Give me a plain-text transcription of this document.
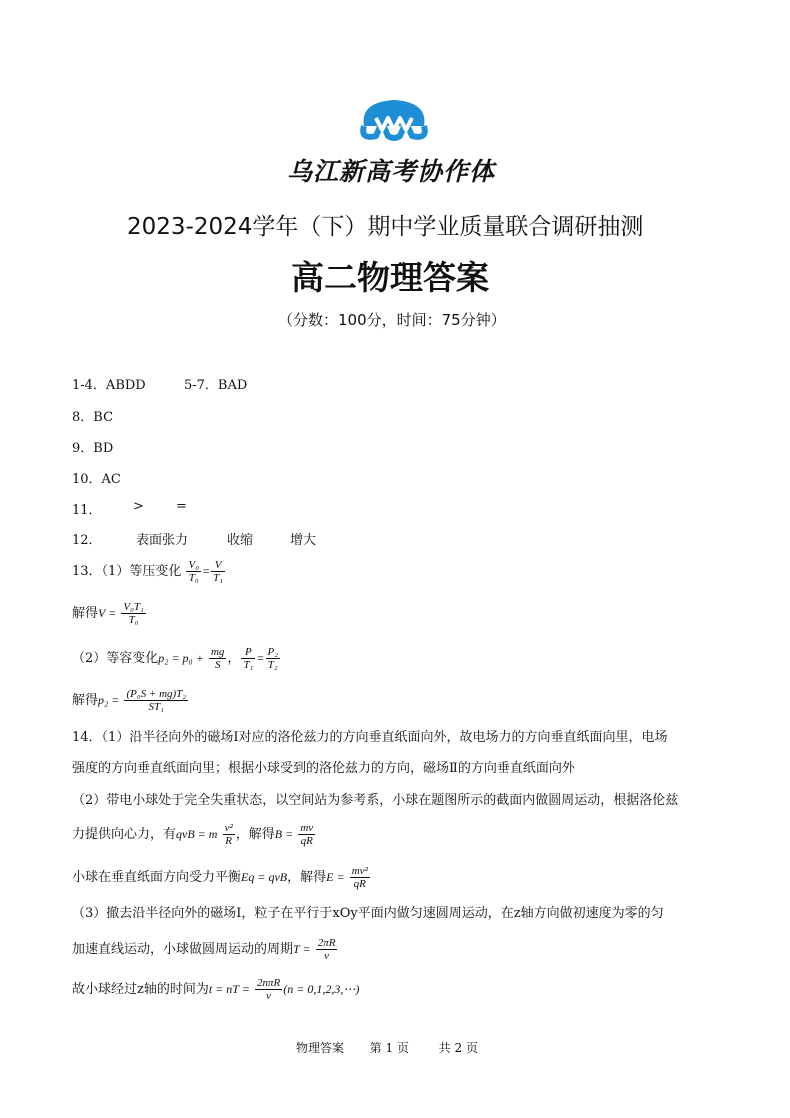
乌江新高考协作体
2023-2024学年（下）期中学业质量联合调研抽测
高二物理答案
（分数：100分，时间：75分钟）
1-4．ABDD	5-7．BAD
8．BC
9．BD
10．AC
11． > =
12．	表面张力	收缩	增大
13．（1）等压变化 $\frac{\text{V₀}}{\text{T₀}} = \frac{V}{\text{T₁}}$
解得$V = \frac{\text{V₀T₁}}{\text{T₀}}$
（2）等容变化$p_2 = p_0 + \frac{mg}{S}$ ， $\frac{P}{\text{T₁}} = \frac{\text{P₂}}{\text{T₂}}$
解得$p_2 = \frac{\text{(P₀S + mg)T₂}}{\text{ST₁}}$
14．（1）沿半径向外的磁场Ⅰ对应的洛伦兹力的方向垂直纸面向外，故电场力的方向垂直纸面向里，电场
强度的方向垂直纸面向里；根据小球受到的洛伦兹力的方向，磁场Ⅱ的方向垂直纸面向外
（2）带电小球处于完全失重状态，以空间站为参考系，小球在题图所示的截面内做圆周运动，根据洛伦兹
力提供向心力，有qvB = m $\frac{\text{v²}}{R}$ ，解得$B = \frac{mv}{qR}$
小球在垂直纸面方向受力平衡Eq = qvB，解得$E = \frac{\text{mv²}}{qR}$
（3）撤去沿半径向外的磁场Ⅰ，粒子在平行于xOy平面内做匀速圆周运动，在z轴方向做初速度为零的匀
加速直线运动，小球做圆周运动的周期$T = \frac{2\pi R}{v}$
故小球经过z轴的时间为t = nT = $\frac{\text{2nπR}}{v} (n$ = 0,1,2,3,⋯)
物理答案 第 1 页 共 2 页
